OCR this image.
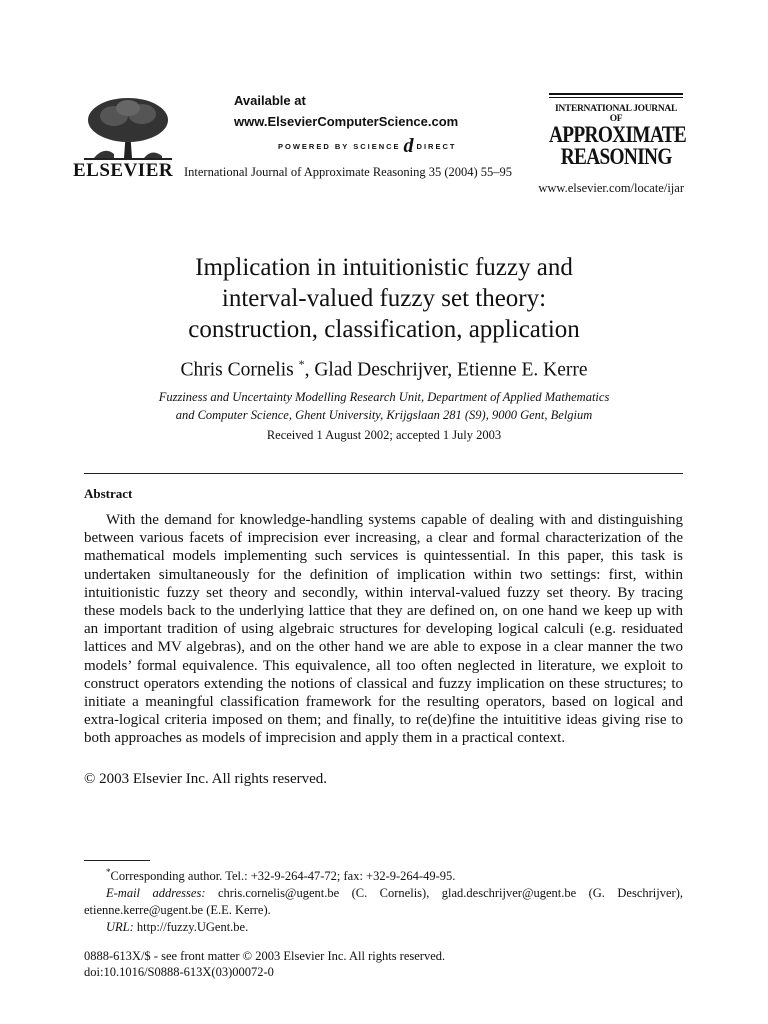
ELSEVIER
Available at
www.ElsevierComputerScience.com
POWERED BY SCIENCE d DIRECT
International Journal of Approximate Reasoning 35 (2004) 55–95
www.elsevier.com/locate/ijar
INTERNATIONAL JOURNAL OF
APPROXIMATE
REASONING
Implication in intuitionistic fuzzy and
interval-valued fuzzy set theory:
construction, classification, application
Chris Cornelis *, Glad Deschrijver, Etienne E. Kerre
Fuzziness and Uncertainty Modelling Research Unit, Department of Applied Mathematics
and Computer Science, Ghent University, Krijgslaan 281 (S9), 9000 Gent, Belgium
Received 1 August 2002; accepted 1 July 2003
Abstract

With the demand for knowledge-handling systems capable of dealing with and distinguishing between various facets of imprecision ever increasing, a clear and formal characterization of the mathematical models implementing such services is quintessential. In this paper, this task is undertaken simultaneously for the definition of implication within two settings: first, within intuitionistic fuzzy set theory and secondly, within interval-valued fuzzy set theory. By tracing these models back to the underlying lattice that they are defined on, on one hand we keep up with an important tradition of using algebraic structures for developing logical calculi (e.g. residuated lattices and MV algebras), and on the other hand we are able to expose in a clear manner the two models’ formal equivalence. This equivalence, all too often neglected in literature, we exploit to construct operators extending the notions of classical and fuzzy implication on these structures; to initiate a meaningful classification framework for the resulting operators, based on logical and extra-logical criteria imposed on them; and finally, to re(de)fine the intuititive ideas giving rise to both approaches as models of imprecision and apply them in a practical context.

© 2003 Elsevier Inc. All rights reserved.

*Corresponding author. Tel.: +32-9-264-47-72; fax: +32-9-264-49-95.

E-mail addresses: chris.cornelis@ugent.be (C. Cornelis), glad.deschrijver@ugent.be (G. Deschrijver), etienne.kerre@ugent.be (E.E. Kerre).

URL: http://fuzzy.UGent.be.

0888-613X/$ - see front matter © 2003 Elsevier Inc. All rights reserved.
doi:10.1016/S0888-613X(03)00072-0
